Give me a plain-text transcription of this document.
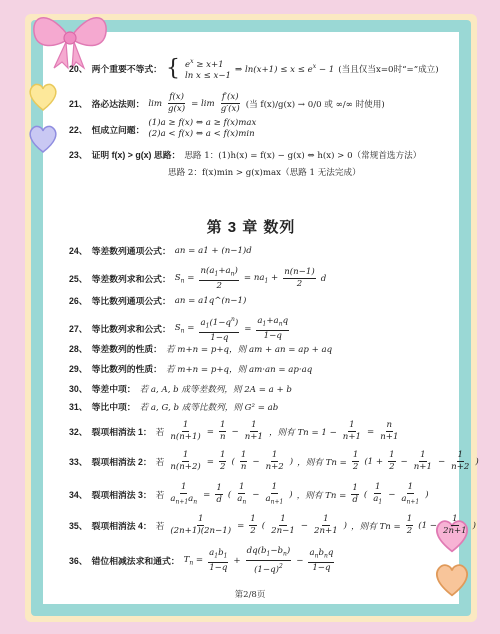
第 3 章 数列
20、 两个重要不等式： { $e^x \ge x+1$
ln x ≤ x−1
⇒ $\ln(x+1) \le x \le e^x - 1$ (当且仅当x=0时“=”成立)
21、 洛必达法则： $\lim \frac{f(x)}{g(x)} = \lim \frac{f'(x)}{g'(x)}$ (当 f(x)/g(x) → 0/0 或 ∞/∞ 时使用)
22、 恒成立问题：
(1)a ≥ f(x) ⇔ a ≥ f(x)max
(2)a < f(x) ⇔ a < f(x)min
23、 证明 f(x) > g(x) 思路： 思路 1：(1)h(x) = f(x) − g(x) ⇔ h(x) > 0（常规首选方法）
思路 2：f(x)min > g(x)max（思路 1 无法完成）
24、 等差数列通项公式： an = a1 + (n−1)d
25、 等差数列求和公式： $S_n = \frac{n(a_1+a_n)}{2} = na_1 + \frac{n(n-1)}{2}$ d
26、 等比数列通项公式： an = a1q^(n−1)
27、 等比数列求和公式： $S_n = \frac{a_1(1-q^n)}{1-q} = \frac{a_1+a_nq}{1-q}$
28、 等差数列的性质： 若 m+n = p+q，则 am + an = ap + aq
29、 等比数列的性质： 若 m+n = p+q，则 am·an = ap·aq
30、 等差中项： 若 a, A, b 成等差数列，则 2A = a + b
31、 等比中项： 若 a, G, b 成等比数列，则 G² = ab
32、 裂项相消法 1： 若 $\frac{1}{n(n+1)} = \frac{1}{n} - \frac{1}{n+1}$ ，则有 $Tn = 1 - \frac{1}{n+1} = \frac{n}{n+1}$
33、 裂项相消法 2： 若 $\frac{1}{n(n+2)} = \frac{1}{2}$ ( $\frac{1}{n} - \frac{1}{n+2}$ ) ，则有 $Tn = \frac{1}{2} (1 + \frac{1}{2} - \frac{1}{n+1} - \frac{1}{n+2}$ )
34、 裂项相消法 3： 若 $\frac{1}{a_{n+1}a_n} = \frac{1}{d}$ ( $\frac{1}{a_n} - \frac{1}{a_{n+1}}$ ) ，则有 $Tn = \frac{1}{d}$ ( $\frac{1}{a_1} - \frac{1}{a_{n+1}}$ )
35、 裂项相消法 4： 若 $\frac{1}{(2n+1)(2n-1)} = \frac{1}{2}$ ( $\frac{1}{2n-1} - \frac{1}{2n+1}$ ) ，则有 $Tn = \frac{1}{2} (1 - \frac{1}{2n+1}$ )
36、 错位相减法求和通式： $T_n = \frac{a_1b_1}{1-q} + \frac{dq(b_1-b_n)}{(1-q)^2} - \frac{a_nb_nq}{1-q}$
第2/8页
